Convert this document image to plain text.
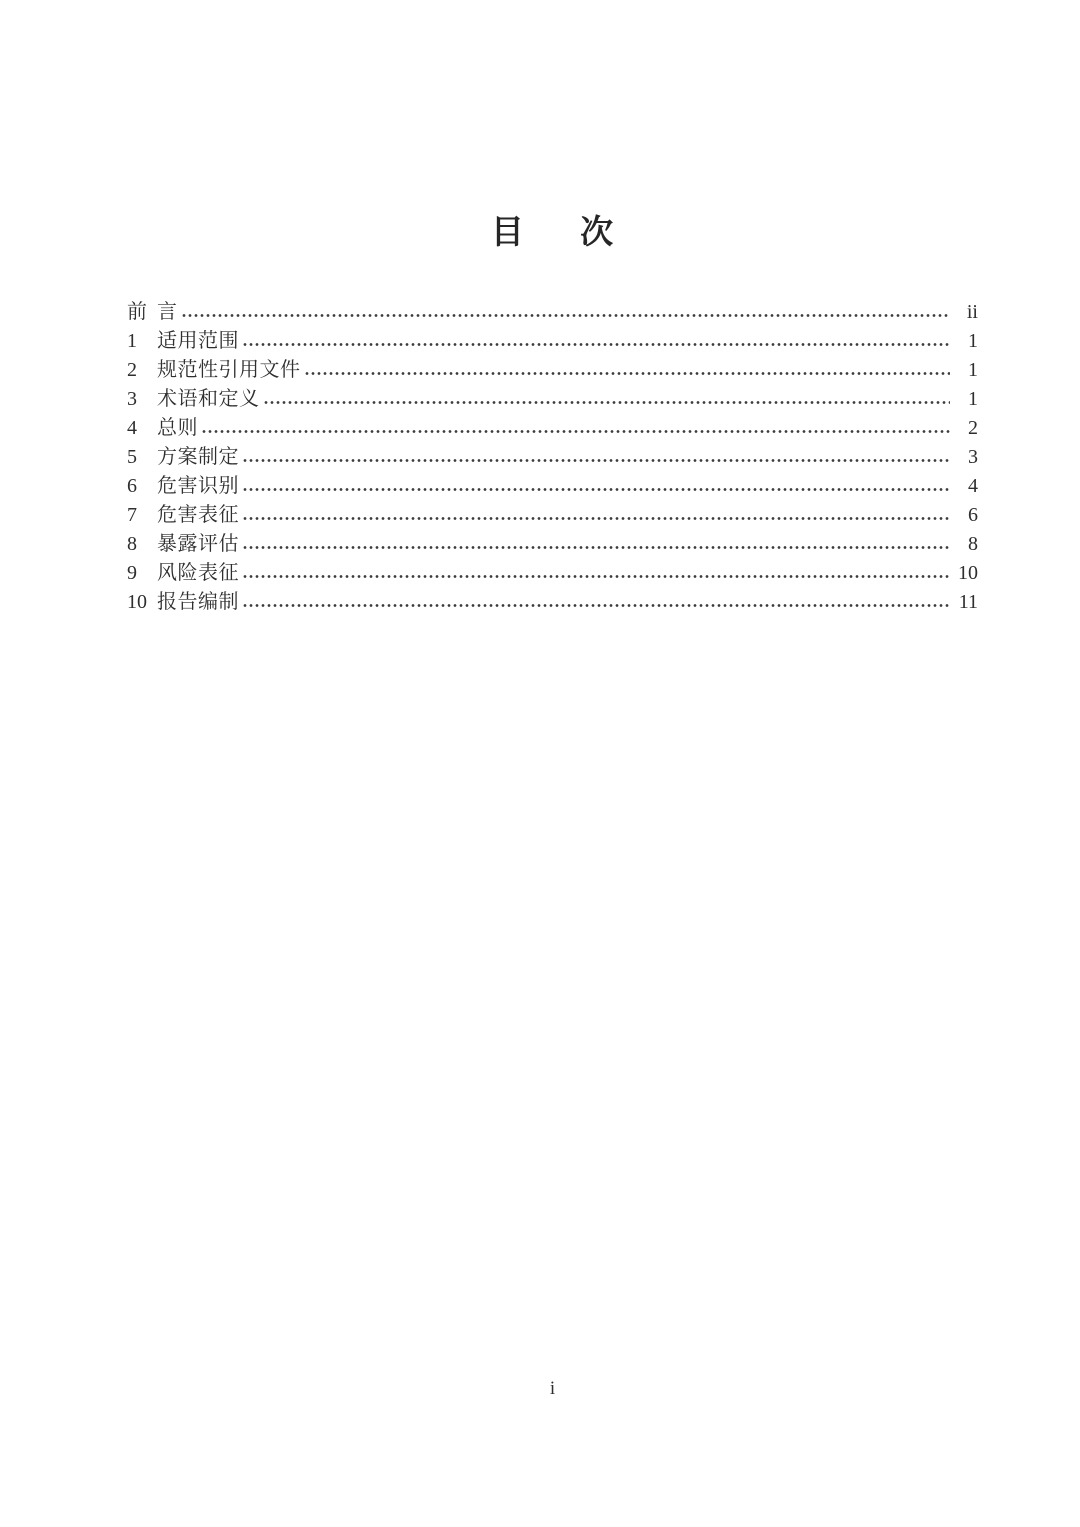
目 次
前 言	ii
1	适用范围	1
2	规范性引用文件	1
3	术语和定义	1
4	总则	2
5	方案制定	3
6	危害识别	4
7	危害表征	6
8	暴露评估	8
9	风险表征	10
10 报告编制	11
i
